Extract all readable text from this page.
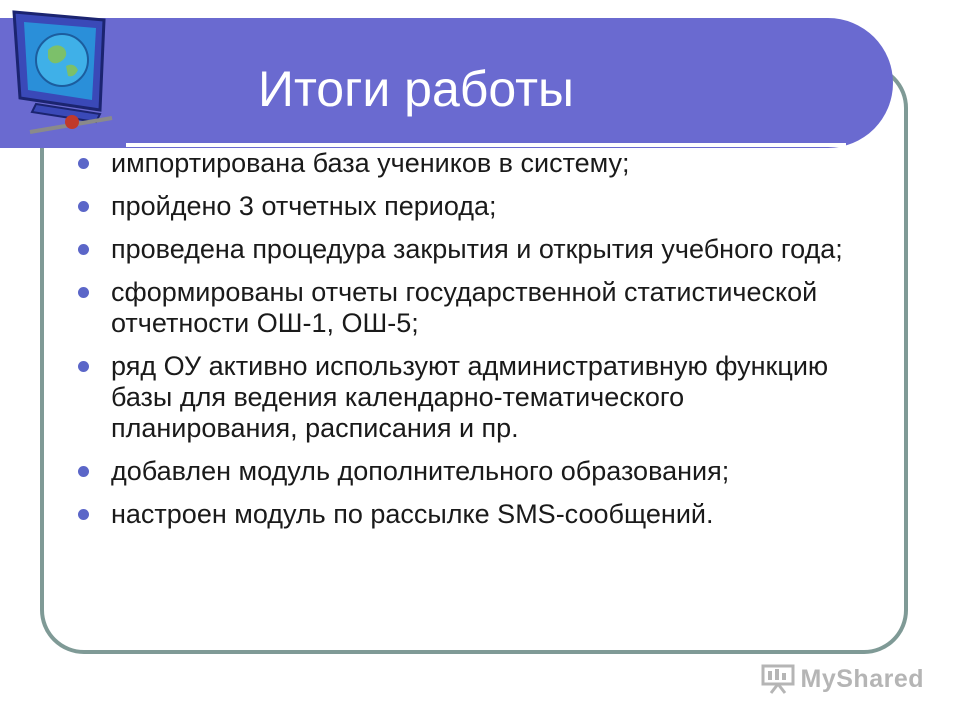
Итоги работы
импортирована база учеников в систему;
пройдено 3 отчетных периода;
проведена процедура закрытия и открытия учебного года;
сформированы отчеты государственной статистической отчетности ОШ-1, ОШ-5;
ряд ОУ активно используют административную функцию базы для ведения календарно-тематического планирования, расписания и пр.
добавлен модуль дополнительного образования;
настроен модуль по рассылке SMS-сообщений.
MyShared
